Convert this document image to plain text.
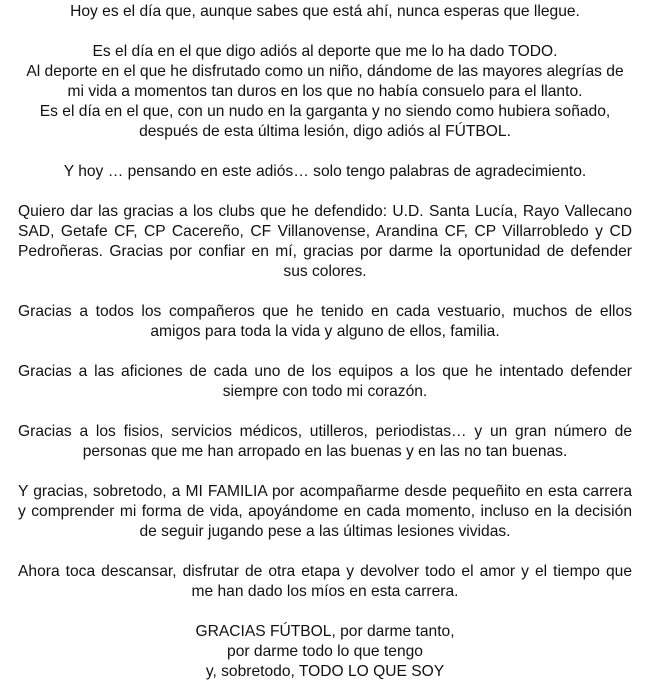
Hoy es el día que, aunque sabes que está ahí, nunca esperas que llegue.

Es el día en el que digo adiós al deporte que me lo ha dado TODO.
Al deporte en el que he disfrutado como un niño, dándome de las mayores alegrías de mi vida a momentos tan duros en los que no había consuelo para el llanto.
Es el día en el que, con un nudo en la garganta y no siendo como hubiera soñado, después de esta última lesión, digo adiós al FÚTBOL.

Y hoy … pensando en este adiós… solo tengo palabras de agradecimiento.

Quiero dar las gracias a los clubs que he defendido: U.D. Santa Lucía, Rayo Vallecano SAD, Getafe CF, CP Cacereño, CF Villanovense, Arandina CF, CP Villarrobledo y CD Pedroñeras. Gracias por confiar en mí, gracias por darme la oportunidad de defender sus colores.

Gracias a todos los compañeros que he tenido en cada vestuario, muchos de ellos amigos para toda la vida y alguno de ellos, familia.

Gracias a las aficiones de cada uno de los equipos a los que he intentado defender siempre con todo mi corazón.

Gracias a los fisios, servicios médicos, utilleros, periodistas… y un gran número de personas que me han arropado en las buenas y en las no tan buenas.

Y gracias, sobretodo, a MI FAMILIA por acompañarme desde pequeñito en esta carrera y comprender mi forma de vida, apoyándome en cada momento, incluso en la decisión de seguir jugando pese a las últimas lesiones vividas.

Ahora toca descansar, disfrutar de otra etapa y devolver todo el amor y el tiempo que me han dado los míos en esta carrera.

GRACIAS FÚTBOL, por darme tanto,
por darme todo lo que tengo
y, sobretodo, TODO LO QUE SOY
